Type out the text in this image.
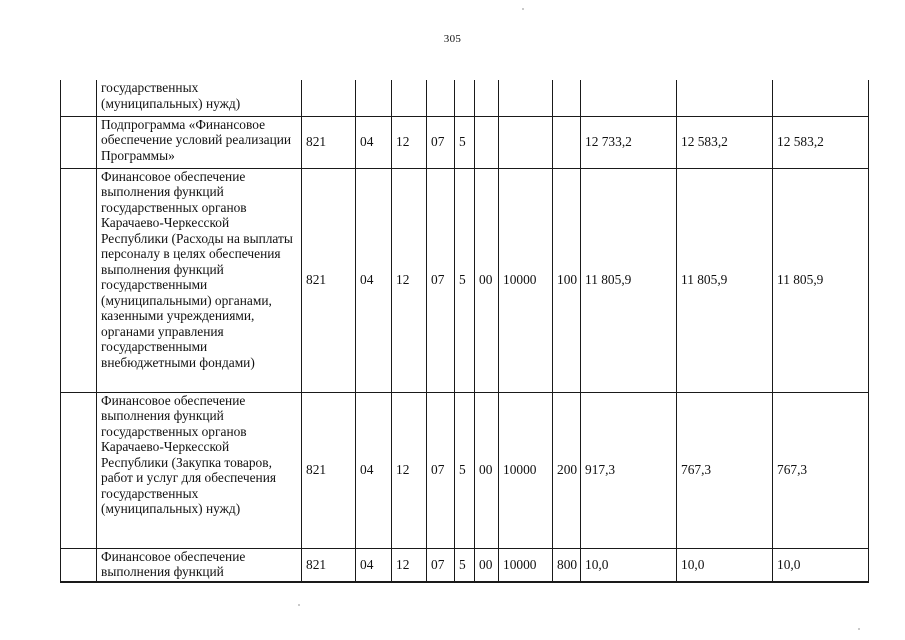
305
	государственных (муниципальных) нужд)											
	Подпрограмма «Финансовое обеспечение условий реализации Программы»	821	04	12	07	5				12 733,2	12 583,2	12 583,2
	Финансовое обеспечение выполнения функций государственных органов Карачаево-Черкесской Республики (Расходы на выплаты персоналу в целях обеспечения выполнения функций государственными (муниципальными) органами, казенными учреждениями, органами управления государственными внебюджетными фондами)	821	04	12	07	5	00	10000	100	11 805,9	11 805,9	11 805,9
	Финансовое обеспечение выполнения функций государственных органов Карачаево-Черкесской Республики (Закупка товаров, работ и услуг для обеспечения государственных (муниципальных) нужд)	821	04	12	07	5	00	10000	200	917,3	767,3	767,3
	Финансовое обеспечение выполнения функций	821	04	12	07	5	00	10000	800	10,0	10,0	10,0
